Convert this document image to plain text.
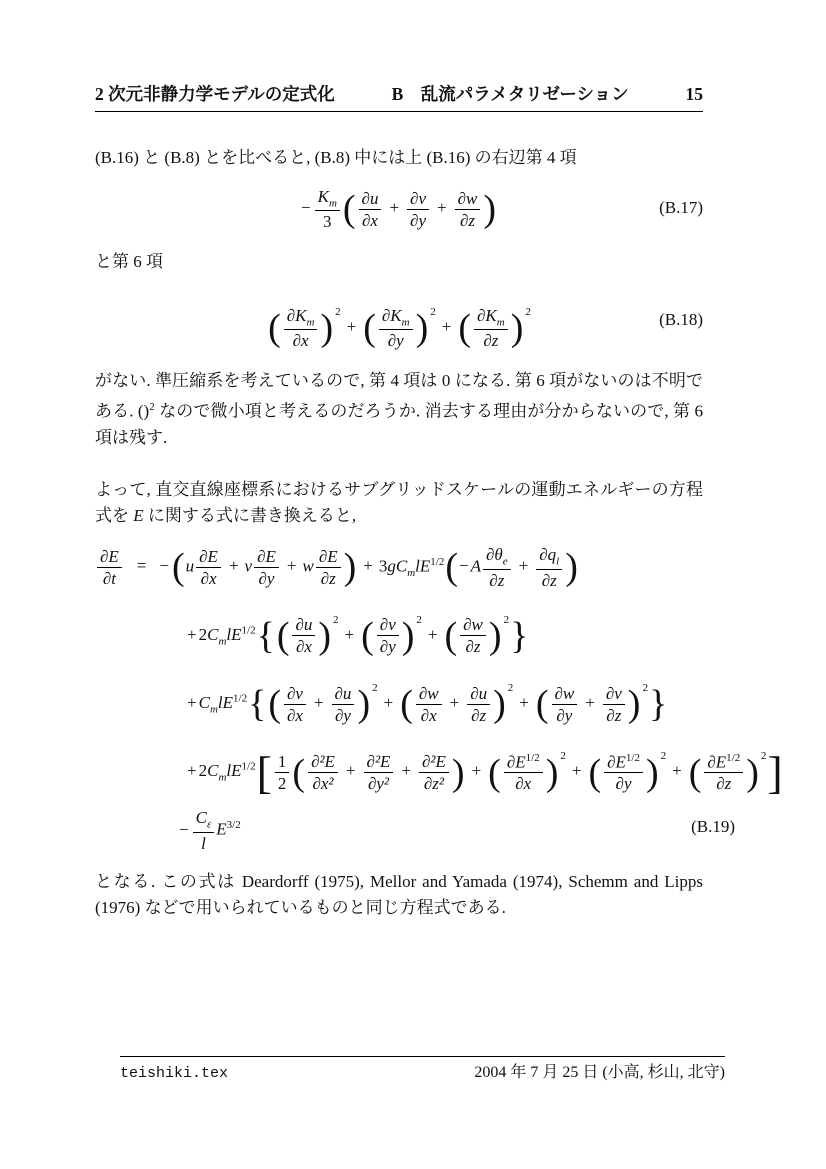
2 次元非静力学モデルの定式化	B　乱流パラメタリゼーション	15

(B.16) と (B.8) とを比べると, (B.8) 中には上 (B.16) の右辺第 4 項

− $\frac{K_m}{3}$ ( $\frac{\partial u}{\partial x} + \frac{\partial v}{\partial y} + \frac{\partial w}{\partial z}$ )	(B.17)

と第 6 項

( $\frac{\partial K_m}{\partial x}$ ) $^2$+ ( $\frac{\partial K_m}{\partial y}$ ) $^2$+ ( $\frac{\partial K_m}{\partial z}$ ) $^2$	(B.18)

がない. 準圧縮系を考えているので, 第 4 項は 0 になる. 第 6 項がないのは不明である. ()$^2$ なので微小項と考えるのだろうか. 消去する理由が分からないので, 第 6 項は残す.

よって, 直交直線座標系におけるサブグリッドスケールの運動エネルギーの方程式を E に関する式に書き換えると,

$\frac{\partial E}{\partial t} = -(u \frac{\partial E}{\partial x} + v \frac{\partial E}{\partial y} + w \frac{\partial E}{\partial z}$ ) + $3gC_mlE^{1/2}(- A \frac{\partial\theta_e}{\partial z} + \frac{\partial q_l}{\partial z}$ )
+ $2C_mlE^{1/2}\{( \frac{\partial u}{\partial x}$ ) $^2$+ ( $\frac{\partial v}{\partial y}$ ) $^2$+ ( $\frac{\partial w}{\partial z}$ ) $^2$}
+ $C_mlE^{1/2}\{( \frac{\partial v}{\partial x} + \frac{\partial u}{\partial y}$ ) $^2$+ ( $\frac{\partial w}{\partial x} + \frac{\partial u}{\partial z}$ ) $^2$+ ( $\frac{\partial w}{\partial y} + \frac{\partial v}{\partial z}$ ) $^2$}
+ $2C_mlE^{1/2}[ \frac{1}{2}$ ( $\frac{\text{∂²E}}{\text{∂x²}} + \frac{\text{∂²E}}{\text{∂y²}} + \frac{\text{∂²E}}{\text{∂z²}}$ ) + ( $\frac{\partial E^{1/2}}{\partial x}$ ) $^2$+ ( $\frac{\partial E^{1/2}}{\partial y}$ ) $^2$+ ( $\frac{\partial E^{1/2}}{\partial z}$ ) $^2$]
− $\frac{C_\varepsilon}{l} E^{3/2}$	(B.19)

となる. この式は Deardorff (1975), Mellor and Yamada (1974), Schemm and Lipps (1976) などで用いられているものと同じ方程式である.

teishiki.tex	2004 年 7 月 25 日 (小高, 杉山, 北守)
